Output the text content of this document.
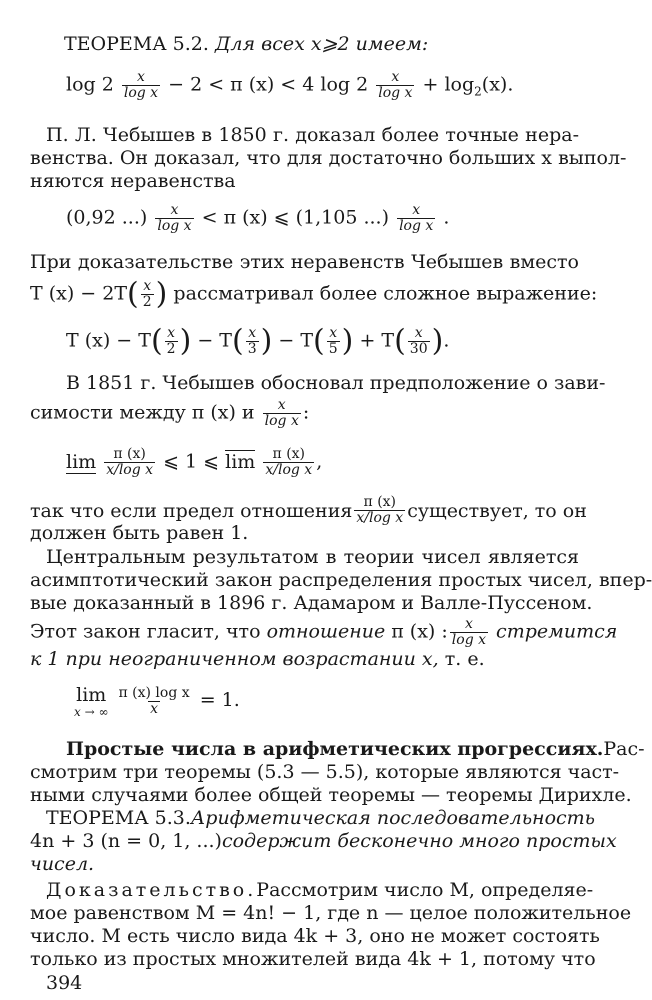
ТЕОРЕМА 5.2. Для всех x⩾2 имеем:
$\log 2 \frac{x}{\text{log x}} - 2 < \pi$ (x) < 4 $\log 2 \frac{x}{\text{log x}} + \log_2(x)$.
П. Л. Чебышев в 1850 г. доказал более точные нера-
венства. Он доказал, что для достаточно больших x выпол-
няются неравенства
(0,92 ...) $\frac{x}{\text{log x}} < \pi$ (x) ⩽ (1,105 ...) $\frac{x}{\text{log x}}$ .
При доказательстве этих неравенств Чебышев вместо
T $(x) - 2T( \frac{x}{2}$ ) рассматривал более сложное выражение:
T $(x) - T( \frac{x}{2}$ ) − $T( \frac{x}{3}$ ) − $T( \frac{x}{5}$ ) + $T( \frac{x}{30}$ ).
В 1851 г. Чебышев обосновал предположение о зави-
симости между π (x) и $\frac{x}{\text{log x}}$ :
$\lim \frac{\pi (x)}{\text{x/log x}}$ ⩽ 1 ⩽ $\lim \frac{\pi (x)}{\text{x/log x}}$ ,
так что если предел отношения $\frac{\pi (x)}{\text{x/log x}}$ существует, то он
должен быть равен 1.
Центральным результатом в теории чисел является
асимптотический закон распределения простых чисел, впер-
вые доказанный в 1896 г. Адамаром и Валле-Пуссеном.
Этот закон гласит, что отношение π (x) : $\frac{x}{\text{log x}}$ стремится
к 1 при неограниченном возрастании x, т. е.
lim
x → ∞
$\frac{\text{π (x) log x}}{x} = 1$.
Простые числа в арифметических прогрессиях. Рас-
смотрим три теоремы (5.3 — 5.5), которые являются част-
ными случаями более общей теоремы — теоремы Дирихле.
ТЕОРЕМА 5.3. Арифметическая последовательность
4n + 3 (n = 0, 1, ...) содержит бесконечно много простых
чисел.
Доказательство. Рассмотрим число M, определяе-
мое равенством M = 4n! − 1, где n — целое положительное
число. M есть число вида 4k + 3, оно не может состоять
только из простых множителей вида 4k + 1, потому что
394
